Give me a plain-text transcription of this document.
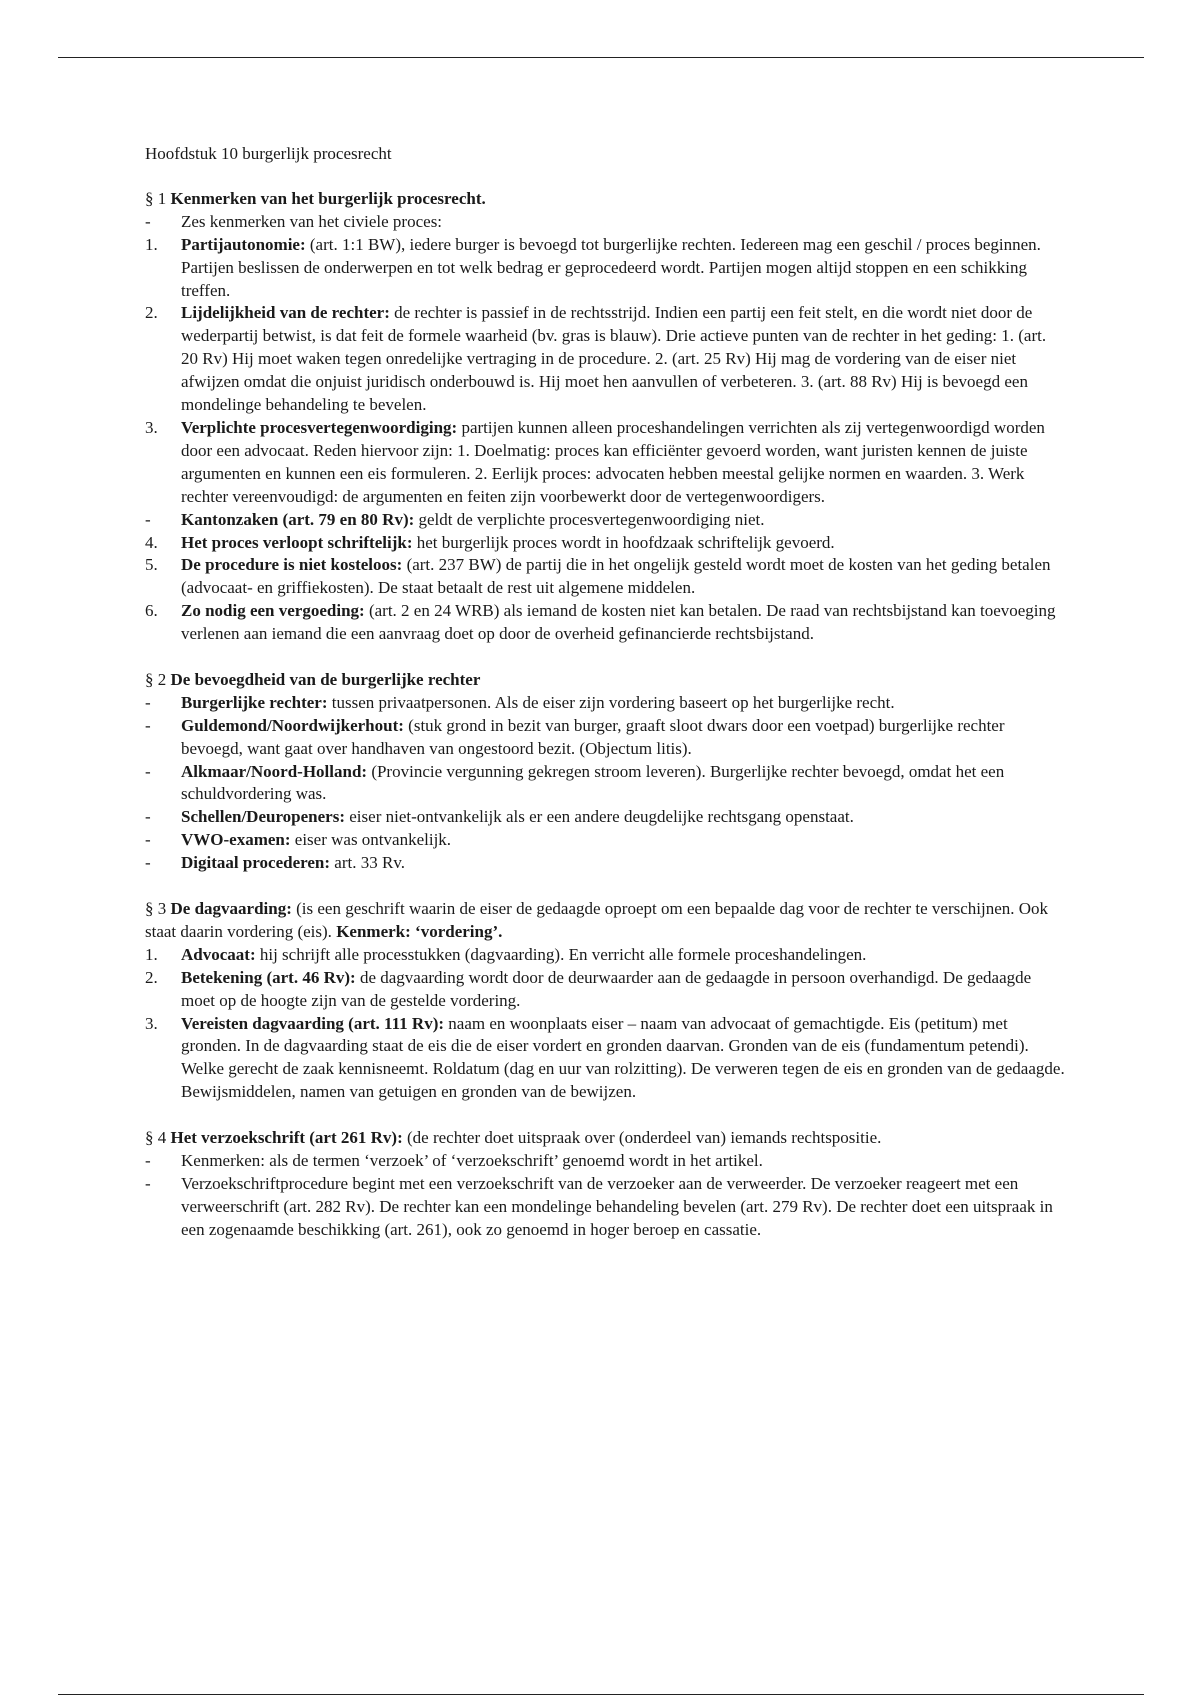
Hoofdstuk 10 burgerlijk procesrecht

§ 1 Kenmerken van het burgerlijk procesrecht.

-	Zes kenmerken van het civiele proces:
1.	Partijautonomie: (art. 1:1 BW), iedere burger is bevoegd tot burgerlijke rechten. Iedereen mag een geschil / proces beginnen. Partijen beslissen de onderwerpen en tot welk bedrag er geprocedeerd wordt. Partijen mogen altijd stoppen en een schikking treffen.
2.	Lijdelijkheid van de rechter: de rechter is passief in de rechtsstrijd. Indien een partij een feit stelt, en die wordt niet door de wederpartij betwist, is dat feit de formele waarheid (bv. gras is blauw). Drie actieve punten van de rechter in het geding: 1. (art. 20 Rv) Hij moet waken tegen onredelijke vertraging in de procedure. 2. (art. 25 Rv) Hij mag de vordering van de eiser niet afwijzen omdat die onjuist juridisch onderbouwd is. Hij moet hen aanvullen of verbeteren. 3. (art. 88 Rv) Hij is bevoegd een mondelinge behandeling te bevelen.
3.	Verplichte procesvertegenwoordiging: partijen kunnen alleen proceshandelingen verrichten als zij vertegenwoordigd worden door een advocaat. Reden hiervoor zijn: 1. Doelmatig: proces kan efficiënter gevoerd worden, want juristen kennen de juiste argumenten en kunnen een eis formuleren. 2. Eerlijk proces: advocaten hebben meestal gelijke normen en waarden. 3. Werk rechter vereenvoudigd: de argumenten en feiten zijn voorbewerkt door de vertegenwoordigers.
-	Kantonzaken (art. 79 en 80 Rv): geldt de verplichte procesvertegenwoordiging niet.
4.	Het proces verloopt schriftelijk: het burgerlijk proces wordt in hoofdzaak schriftelijk gevoerd.
5.	De procedure is niet kosteloos: (art. 237 BW) de partij die in het ongelijk gesteld wordt moet de kosten van het geding betalen (advocaat- en griffiekosten). De staat betaalt de rest uit algemene middelen.
6.	Zo nodig een vergoeding: (art. 2 en 24 WRB) als iemand de kosten niet kan betalen. De raad van rechtsbijstand kan toevoeging verlenen aan iemand die een aanvraag doet op door de overheid gefinancierde rechtsbijstand.

§ 2 De bevoegdheid van de burgerlijke rechter

-	Burgerlijke rechter: tussen privaatpersonen. Als de eiser zijn vordering baseert op het burgerlijke recht.
-	Guldemond/Noordwijkerhout: (stuk grond in bezit van burger, graaft sloot dwars door een voetpad) burgerlijke rechter bevoegd, want gaat over handhaven van ongestoord bezit. (Objectum litis).
-	Alkmaar/Noord-Holland: (Provincie vergunning gekregen stroom leveren). Burgerlijke rechter bevoegd, omdat het een schuldvordering was.
-	Schellen/Deuropeners: eiser niet-ontvankelijk als er een andere deugdelijke rechtsgang openstaat.
-	VWO-examen: eiser was ontvankelijk.
-	Digitaal procederen: art. 33 Rv.

§ 3 De dagvaarding: (is een geschrift waarin de eiser de gedaagde oproept om een bepaalde dag voor de rechter te verschijnen. Ook staat daarin vordering (eis). Kenmerk: ‘vordering’.

1.	Advocaat: hij schrijft alle processtukken (dagvaarding). En verricht alle formele proceshandelingen.
2.	Betekening (art. 46 Rv): de dagvaarding wordt door de deurwaarder aan de gedaagde in persoon overhandigd. De gedaagde moet op de hoogte zijn van de gestelde vordering.
3.	Vereisten dagvaarding (art. 111 Rv): naam en woonplaats eiser – naam van advocaat of gemachtigde. Eis (petitum) met gronden. In de dagvaarding staat de eis die de eiser vordert en gronden daarvan. Gronden van de eis (fundamentum petendi). Welke gerecht de zaak kennisneemt. Roldatum (dag en uur van rolzitting). De verweren tegen de eis en gronden van de gedaagde. Bewijsmiddelen, namen van getuigen en gronden van de bewijzen.

§ 4 Het verzoekschrift (art 261 Rv): (de rechter doet uitspraak over (onderdeel van) iemands rechtspositie.

-	Kenmerken: als de termen ‘verzoek’ of ‘verzoekschrift’ genoemd wordt in het artikel.
-	Verzoekschriftprocedure begint met een verzoekschrift van de verzoeker aan de verweerder. De verzoeker reageert met een verweerschrift (art. 282 Rv). De rechter kan een mondelinge behandeling bevelen (art. 279 Rv). De rechter doet een uitspraak in een zogenaamde beschikking (art. 261), ook zo genoemd in hoger beroep en cassatie.
